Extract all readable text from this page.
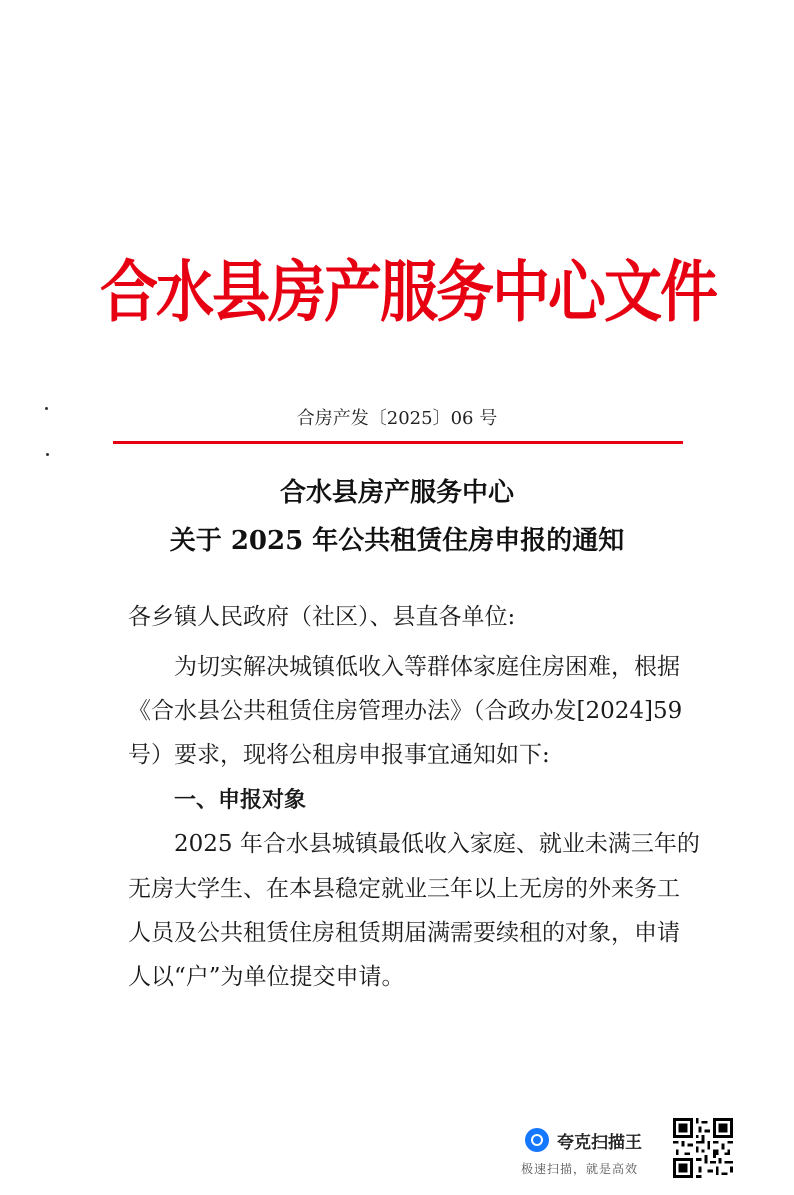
合水县房产服务中心文件
合房产发〔2025〕06 号
合水县房产服务中心
关于 2025 年公共租赁住房申报的通知
各乡镇人民政府（社区）、县直各单位:
为切实解决城镇低收入等群体家庭住房困难，根据
《合水县公共租赁住房管理办法》（合政办发[2024]59
号）要求，现将公租房申报事宜通知如下:
一、申报对象
2025 年合水县城镇最低收入家庭、就业未满三年的
无房大学生、在本县稳定就业三年以上无房的外来务工
人员及公共租赁住房租赁期届满需要续租的对象，申请
人以“户”为单位提交申请。
夸克扫描王
极速扫描，就是高效
